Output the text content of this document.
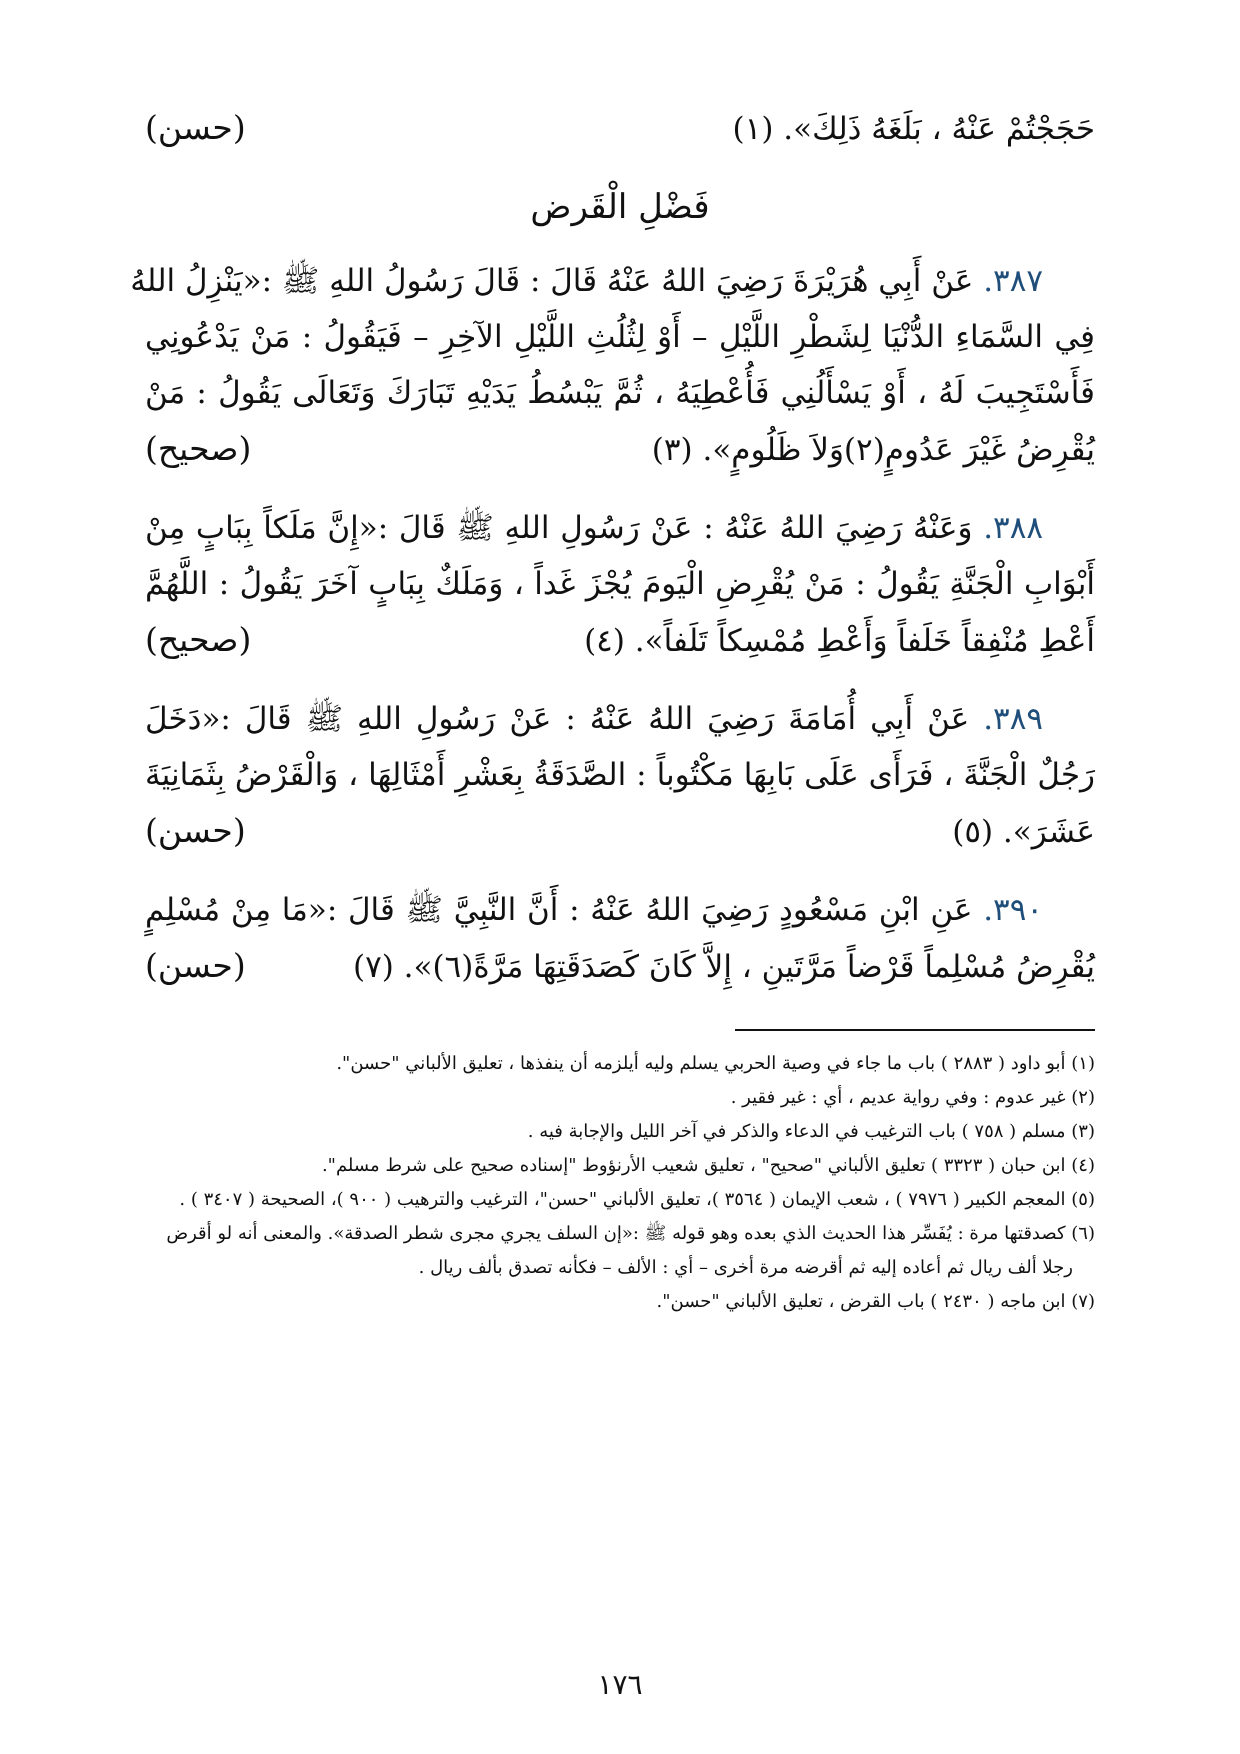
حَجَجْتُمْ عَنْهُ ، بَلَغَهُ ذَلِكَ». (١)
( حسن )
فَضْلِ الْقَرض
٣٨٧. عَنْ أَبِي هُرَيْرَةَ رَضِيَ اللهُ عَنْهُ قَالَ : قَالَ رَسُولُ اللهِ ﷺ :«يَنْزِلُ اللهُ
فِي السَّمَاءِ الدُّنْيَا لِشَطْرِ اللَّيْلِ – أَوْ لِثُلُثِ اللَّيْلِ الآخِرِ – فَيَقُولُ : مَنْ يَدْعُونِي
فَأَسْتَجِيبَ لَهُ ، أَوْ يَسْأَلُنِي فَأُعْطِيَهُ ، ثُمَّ يَبْسُطُ يَدَيْهِ تَبَارَكَ وَتَعَالَى يَقُولُ : مَنْ
يُقْرِضُ غَيْرَ عَدُومٍ(٢)وَلاَ ظَلُومٍ». (٣)
( صحيح )
٣٨٨. وَعَنْهُ رَضِيَ اللهُ عَنْهُ : عَنْ رَسُولِ اللهِ ﷺ قَالَ :«إِنَّ مَلَكاً بِبَابٍ مِنْ
أَبْوَابِ الْجَنَّةِ يَقُولُ : مَنْ يُقْرِضِ الْيَومَ يُجْزَ غَداً ، وَمَلَكٌ بِبَابٍ آخَرَ يَقُولُ : اللَّهُمَّ
أَعْطِ مُنْفِقاً خَلَفاً وَأَعْطِ مُمْسِكاً تَلَفاً». (٤)
( صحيح )
٣٨٩. عَنْ أَبِي أُمَامَةَ رَضِيَ اللهُ عَنْهُ : عَنْ رَسُولِ اللهِ ﷺ قَالَ :«دَخَلَ
رَجُلٌ الْجَنَّةَ ، فَرَأَى عَلَى بَابِهَا مَكْتُوباً : الصَّدَقَةُ بِعَشْرِ أَمْثَالِهَا ، وَالْقَرْضُ بِثَمَانِيَةَ
عَشَرَ». (٥)
( حسن )
٣٩٠. عَنِ ابْنِ مَسْعُودٍ رَضِيَ اللهُ عَنْهُ : أَنَّ النَّبِيَّ ﷺ قَالَ :«مَا مِنْ مُسْلِمٍ
يُقْرِضُ مُسْلِماً قَرْضاً مَرَّتَينِ ، إِلاَّ كَانَ كَصَدَقَتِهَا مَرَّةً(٦)». (٧)
( حسن )
(١) أبو داود ( ٢٨٨٣ ) باب ما جاء في وصية الحربي يسلم وليه أيلزمه أن ينفذها ، تعليق الألباني "حسن".
(٢) غير عدوم : وفي رواية عديم ، أي : غير فقير .
(٣) مسلم ( ٧٥٨ ) باب الترغيب في الدعاء والذكر في آخر الليل والإجابة فيه .
(٤) ابن حبان ( ٣٣٢٣ ) تعليق الألباني "صحيح" ، تعليق شعيب الأرنؤوط "إسناده صحيح على شرط مسلم".
(٥) المعجم الكبير ( ٧٩٧٦ ) ، شعب الإيمان ( ٣٥٦٤ )، تعليق الألباني "حسن"، الترغيب والترهيب ( ٩٠٠ )، الصحيحة ( ٣٤٠٧ ) .
(٦) كصدقتها مرة : يُفَسِّر هذا الحديث الذي بعده وهو قوله ﷺ :«إن السلف يجري مجرى شطر الصدقة». والمعنى أنه لو أقرض
رجلا ألف ريال ثم أعاده إليه ثم أقرضه مرة أخرى – أي : الألف – فكأنه تصدق بألف ريال .
(٧) ابن ماجه ( ٢٤٣٠ ) باب القرض ، تعليق الألباني "حسن".
١٧٦
